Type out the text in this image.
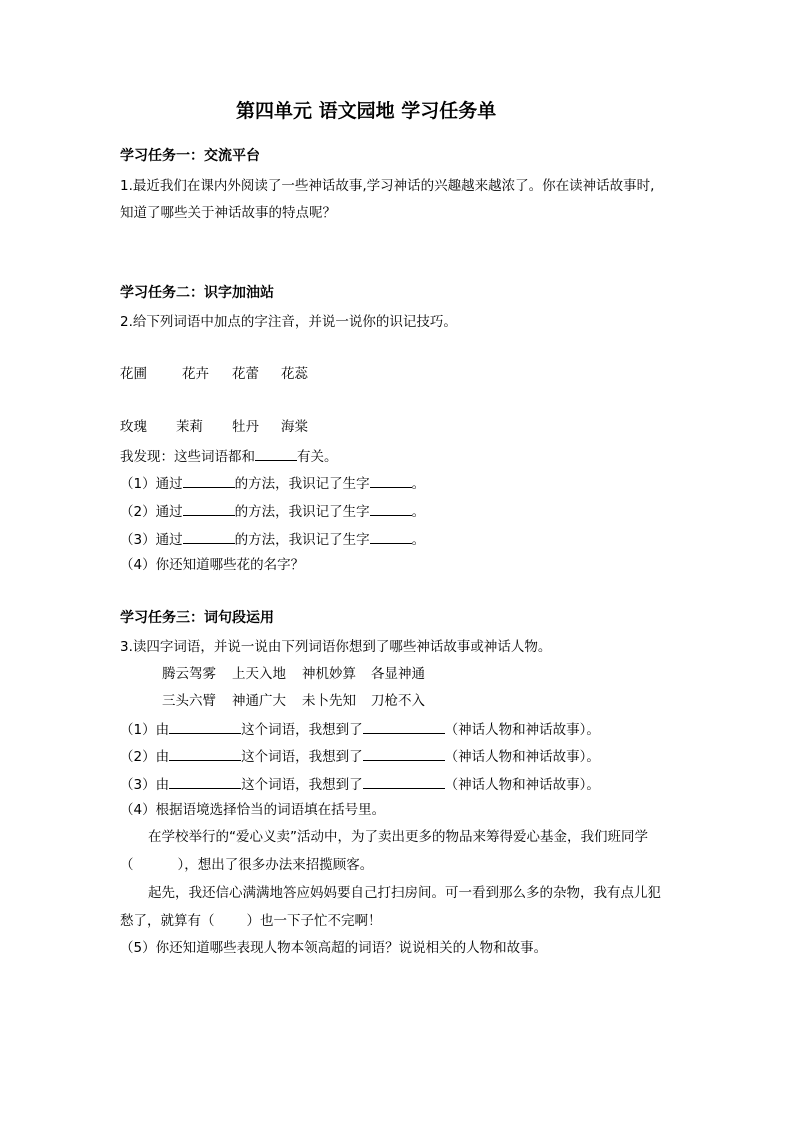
第四单元 语文园地 学习任务单
学习任务一：交流平台
1.最近我们在课内外阅读了一些神话故事,学习神话的兴趣越来越浓了。你在读神话故事时,
知道了哪些关于神话故事的特点呢？
学习任务二：识字加油站
2.给下列词语中加点的字注音，并说一说你的识记技巧。
花圃	花卉 花蕾 花蕊
玫瑰 茉莉 牡丹 海棠
我发现：这些词语都和	有关。
（1）通过	的方法，我识记了生字	。
（2）通过	的方法，我识记了生字	。
（3）通过	的方法，我识记了生字	。
（4）你还知道哪些花的名字？
学习任务三：词句段运用
3.读四字词语，并说一说由下列词语你想到了哪些神话故事或神话人物。
腾云驾雾 上天入地 神机妙算 各显神通
三头六臂 神通广大 未卜先知 刀枪不入
（1）由	这个词语，我想到了	（神话人物和神话故事）。
（2）由	这个词语，我想到了	（神话人物和神话故事）。
（3）由	这个词语，我想到了	（神话人物和神话故事）。
（4）根据语境选择恰当的词语填在括号里。
在学校举行的“爱心义卖”活动中，为了卖出更多的物品来筹得爱心基金，我们班同学
（	），想出了很多办法来招揽顾客。
起先，我还信心满满地答应妈妈要自己打扫房间。可一看到那么多的杂物，我有点儿犯
愁了，就算有（ ）也一下子忙不完啊！
（5）你还知道哪些表现人物本领高超的词语？说说相关的人物和故事。
